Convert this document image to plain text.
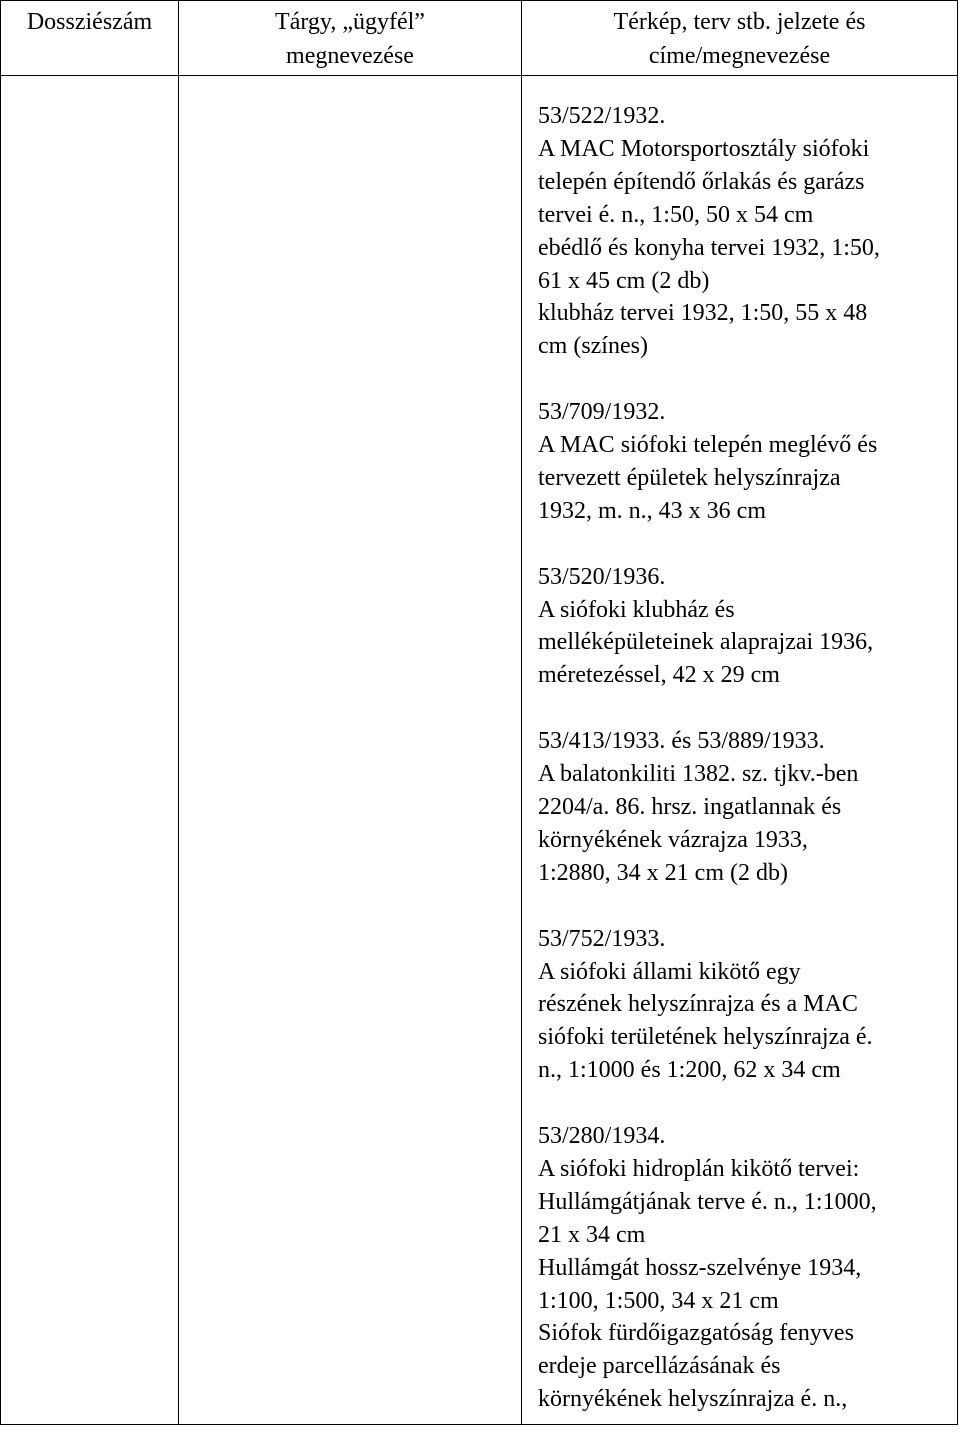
Dossziészám	Tárgy, „ügyfél”
megnevezése
Térkép, terv stb. jelzete és
címe/megnevezése
53/522/1932.
A MAC Motorsportosztály siófoki
telepén építendő őrlakás és garázs
tervei é. n., 1:50, 50 x 54 cm
ebédlő és konyha tervei 1932, 1:50,
61 x 45 cm (2 db)
klubház tervei 1932, 1:50, 55 x 48
cm (színes)
53/709/1932.
A MAC siófoki telepén meglévő és
tervezett épületek helyszínrajza
1932, m. n., 43 x 36 cm
53/520/1936.
A siófoki klubház és
melléképületeinek alaprajzai 1936,
méretezéssel, 42 x 29 cm
53/413/1933. és 53/889/1933.
A balatonkiliti 1382. sz. tjkv.-ben
2204/a. 86. hrsz. ingatlannak és
környékének vázrajza 1933,
1:2880, 34 x 21 cm (2 db)
53/752/1933.
A siófoki állami kikötő egy
részének helyszínrajza és a MAC
siófoki területének helyszínrajza é.
n., 1:1000 és 1:200, 62 x 34 cm
53/280/1934.
A siófoki hidroplán kikötő tervei:
Hullámgátjának terve é. n., 1:1000,
21 x 34 cm
Hullámgát hossz-szelvénye 1934,
1:100, 1:500, 34 x 21 cm
Siófok fürdőigazgatóság fenyves
erdeje parcellázásának és
környékének helyszínrajza é. n.,
